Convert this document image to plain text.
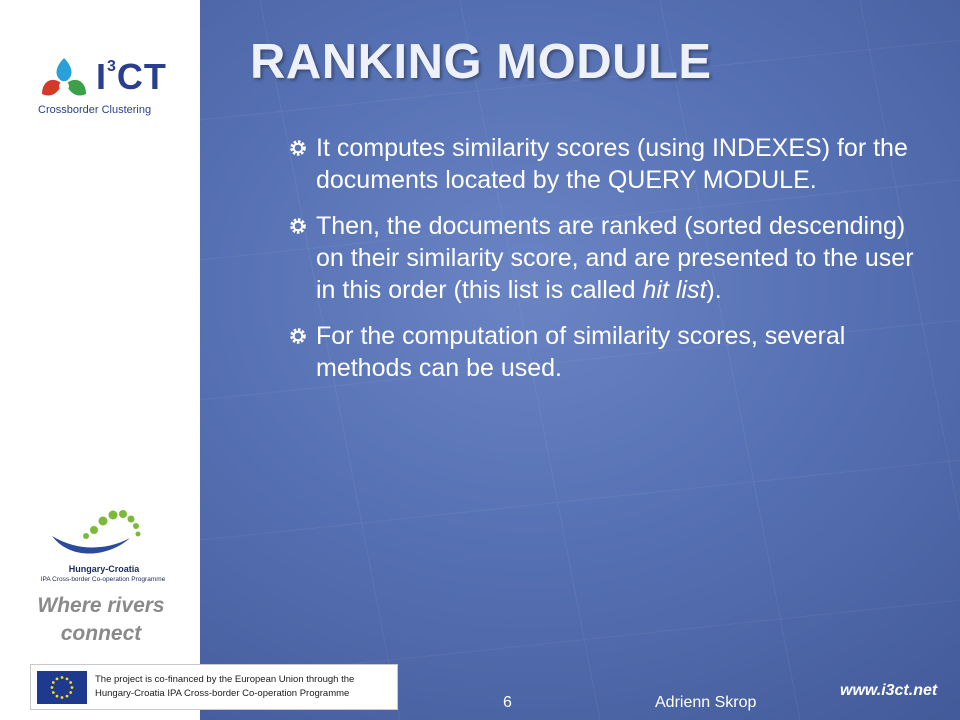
$I^3CT$
Crossborder Clustering
Hungary-Croatia
IPA Cross-border Co-operation Programme
Where rivers
connect
The project is co-financed by the European Union through the
Hungary-Croatia IPA Cross-border Co-operation Programme
RANKING MODULE
It computes similarity scores (using INDEXES) for the documents located by the QUERY MODULE.
Then, the documents are ranked (sorted descending) on their similarity score, and are presented to the user in this order (this list is called hit list).
For the computation of similarity scores, several methods can be used.
6	Adrienn Skrop
www.i3ct.net
